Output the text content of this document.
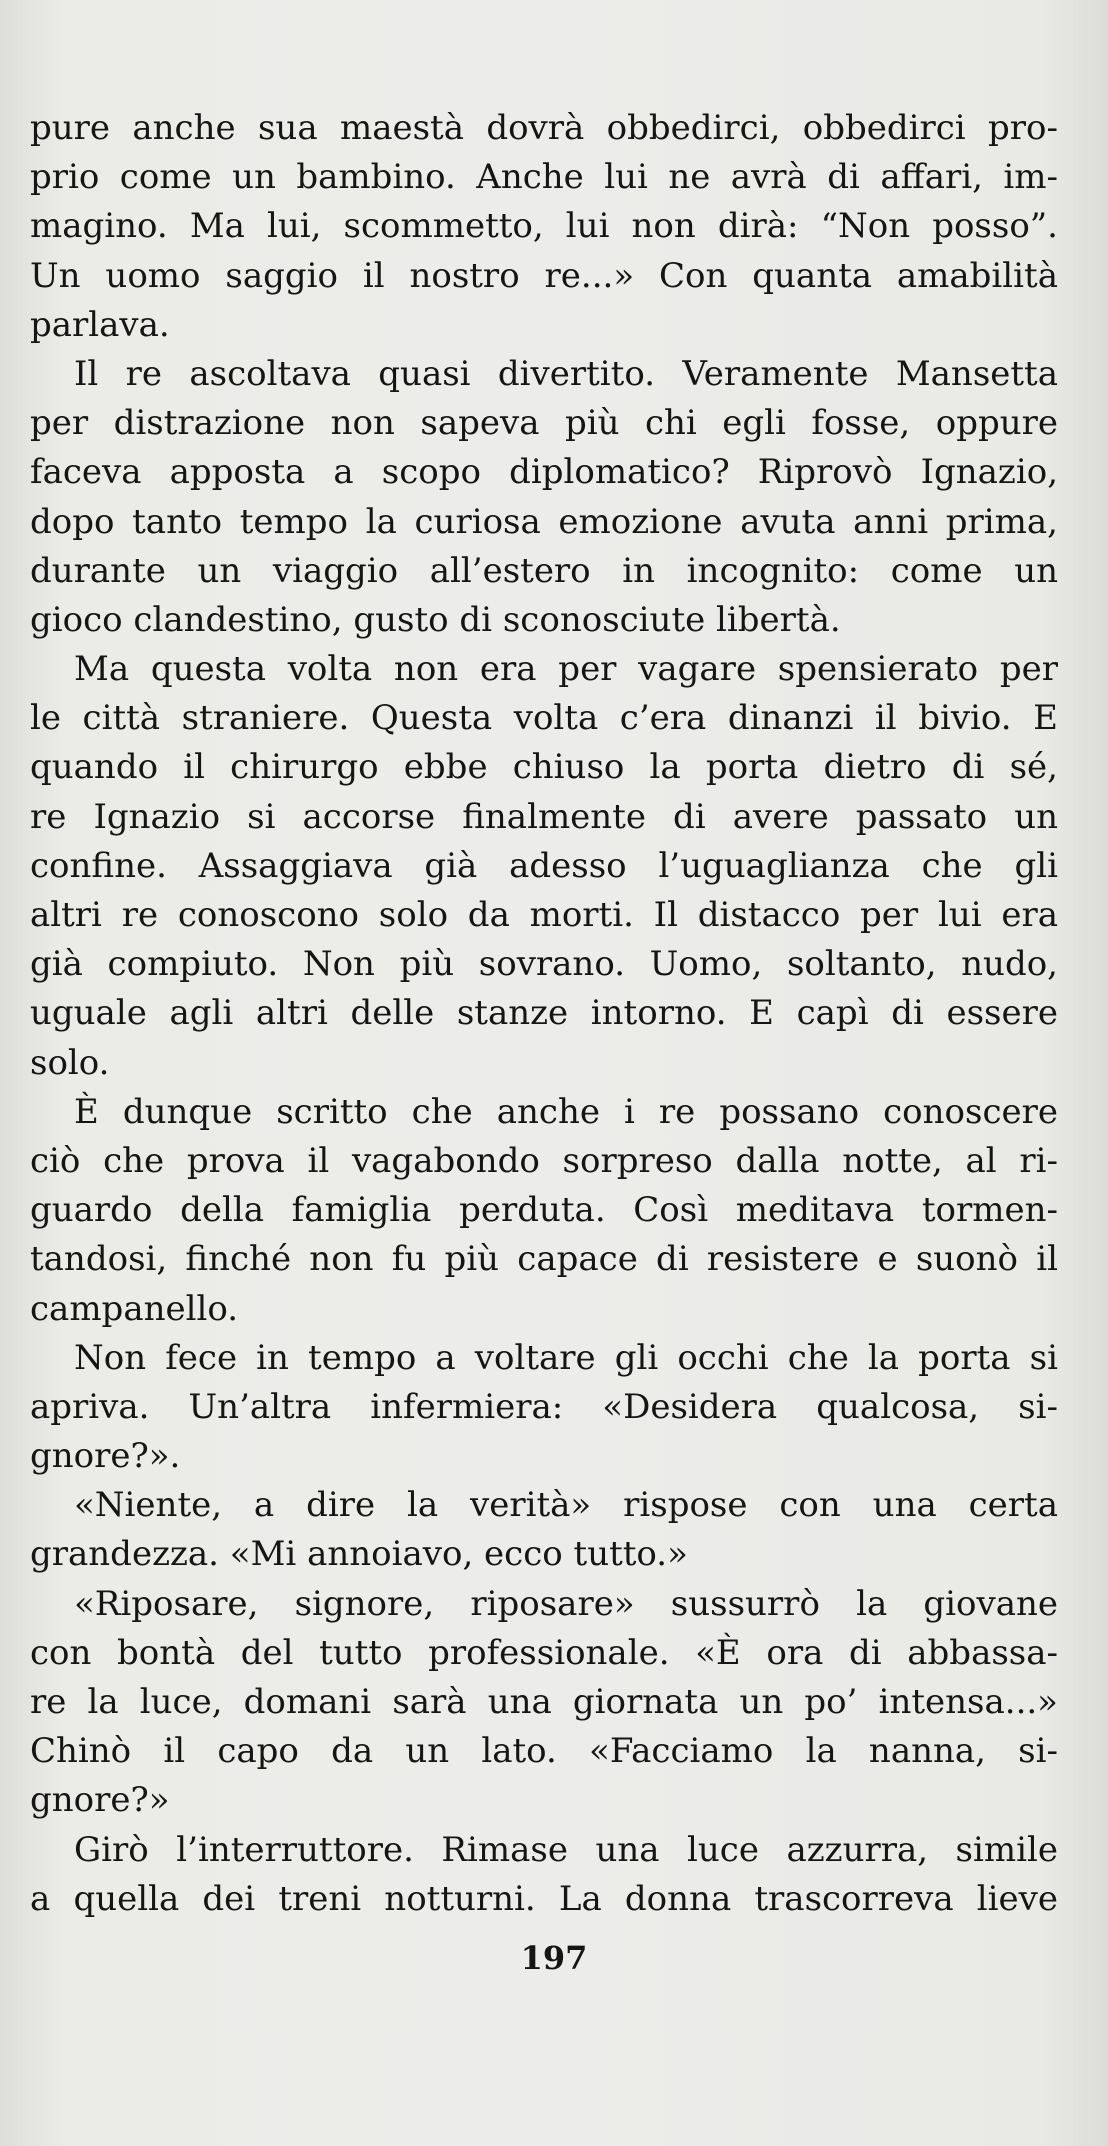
pure anche sua maestà dovrà obbedirci, obbedirci pro-
prio come un bambino. Anche lui ne avrà di affari, im-
magino. Ma lui, scommetto, lui non dirà: “Non posso”.
Un uomo saggio il nostro re...» Con quanta amabilità
parlava.
Il re ascoltava quasi divertito. Veramente Mansetta
per distrazione non sapeva più chi egli fosse, oppure
faceva apposta a scopo diplomatico? Riprovò Ignazio,
dopo tanto tempo la curiosa emozione avuta anni prima,
durante un viaggio all’estero in incognito: come un
gioco clandestino, gusto di sconosciute libertà.
Ma questa volta non era per vagare spensierato per
le città straniere. Questa volta c’era dinanzi il bivio. E
quando il chirurgo ebbe chiuso la porta dietro di sé,
re Ignazio si accorse finalmente di avere passato un
confine. Assaggiava già adesso l’uguaglianza che gli
altri re conoscono solo da morti. Il distacco per lui era
già compiuto. Non più sovrano. Uomo, soltanto, nudo,
uguale agli altri delle stanze intorno. E capì di essere
solo.
È dunque scritto che anche i re possano conoscere
ciò che prova il vagabondo sorpreso dalla notte, al ri-
guardo della famiglia perduta. Così meditava tormen-
tandosi, finché non fu più capace di resistere e suonò il
campanello.
Non fece in tempo a voltare gli occhi che la porta si
apriva. Un’altra infermiera: «Desidera qualcosa, si-
gnore?».
«Niente, a dire la verità» rispose con una certa
grandezza. «Mi annoiavo, ecco tutto.»
«Riposare, signore, riposare» sussurrò la giovane
con bontà del tutto professionale. «È ora di abbassa-
re la luce, domani sarà una giornata un po’ intensa...»
Chinò il capo da un lato. «Facciamo la nanna, si-
gnore?»
Girò l’interruttore. Rimase una luce azzurra, simile
a quella dei treni notturni. La donna trascorreva lieve
197
